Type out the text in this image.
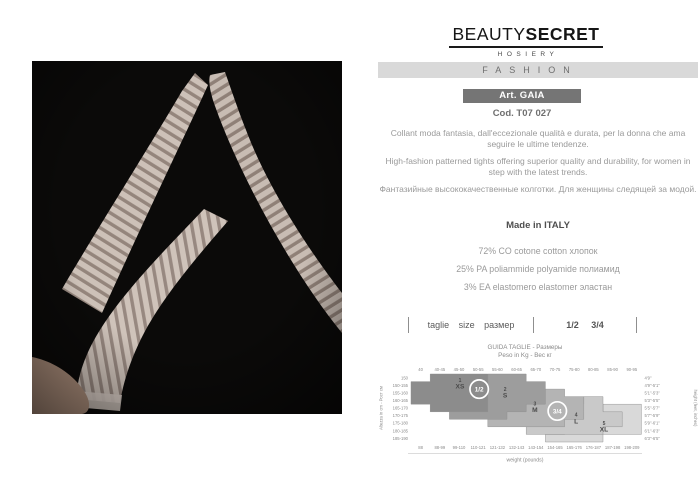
BEAUTYSECRET
HOSIERY
FASHION
Art. GAIA
Cod. T07 027
Collant moda fantasia, dall'eccezionale qualità e durata, per la donna che ama seguire le ultime tendenze.
High-fashion patterned tights offering superior quality and durability, for women in step with the latest trends.
Фантазийные высококачественные колготки. Для женщины следящей за модой.
Made in ITALY
72% CO cotone cotton хлопок
25% PA poliammide polyamide полиамид
3% EA elastomero elastomer эластан
taglie size размер	1/2 3/4
GUIDA TAGLIE - Размеры
Peso in Kg - Вес кг
1
XS	2
S
3
M
4
L	5
XL
1/2
3/4
40	40-45 45-50 50-55 55-60 60-65 65-70 70-75 75-80 80-85 85-90 90-95
88	88-99 99-110 110-121 121-132 132-143 143-154 154-165 165-176 176-187 187-198 198-209
150
150-155
155-160
160-165
165-170
170-175
175-180
180-185
185-190
4'9"
4'9"-5'1"
5'1"-5'3"
5'3"-5'5"
5'5"-5'7"
5'7"-5'9"
5'9"-6'1"
6'1"-6'3"
6'3"-6'5"
weight (pounds)
Altezza in cm - Рост см	height (feet, inches)
